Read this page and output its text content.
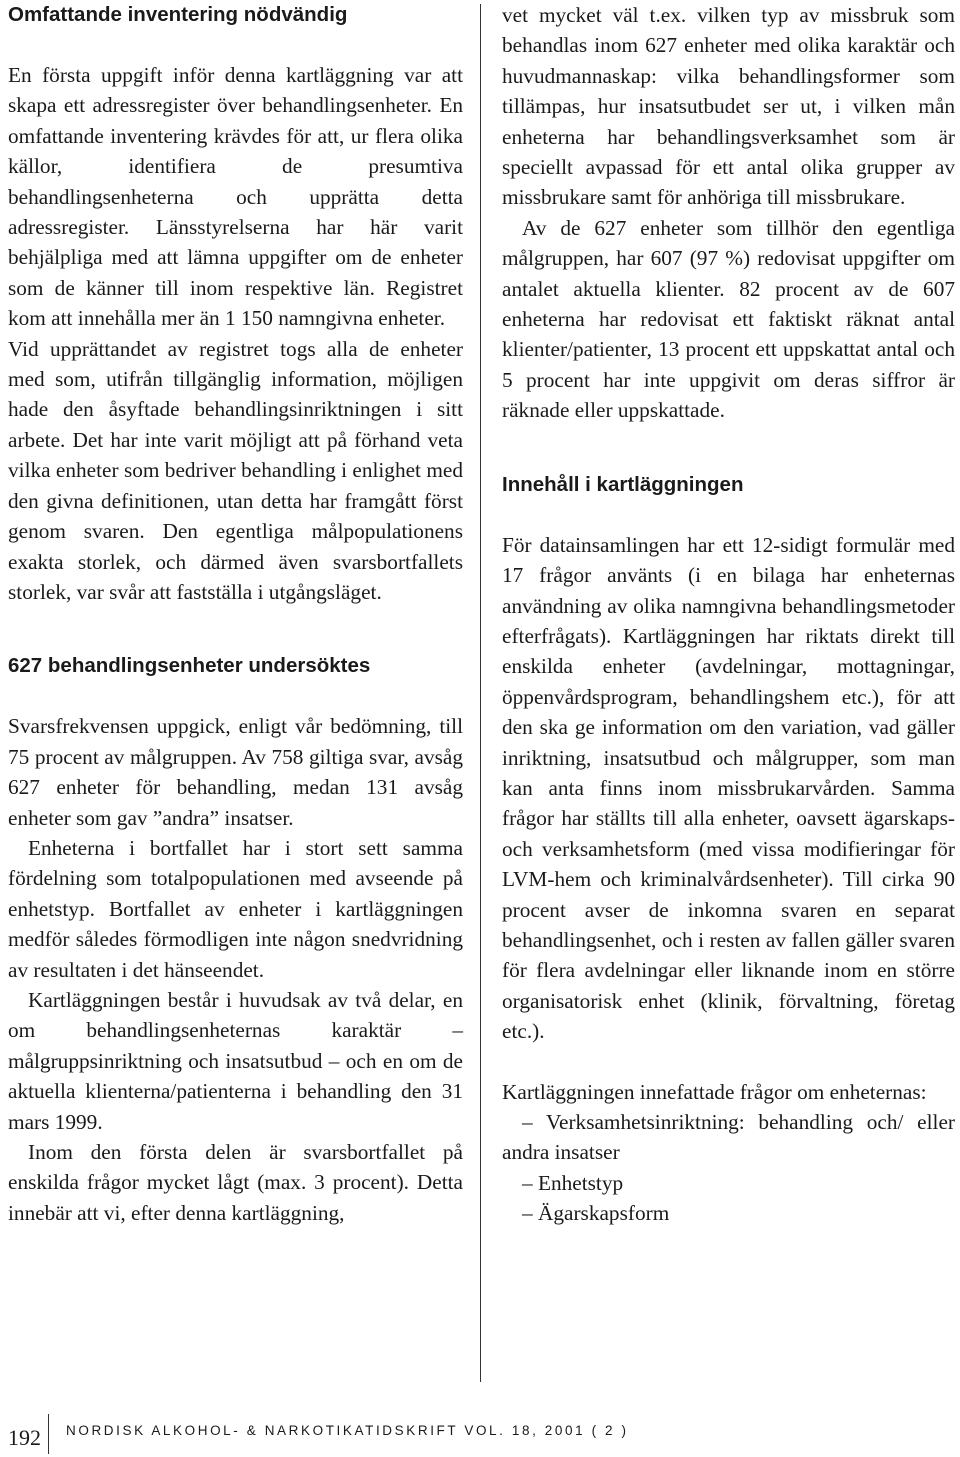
Omfattande inventering nödvändig

En första uppgift inför denna kartläggning var att skapa ett adressregister över behandlingsenheter. En omfattande inventering krävdes för att, ur flera olika källor, identifiera de presumtiva behandlingsenheterna och upprätta detta adressregister. Länsstyrelserna har här varit behjälpliga med att lämna uppgifter om de enheter som de känner till inom respektive län. Registret kom att innehålla mer än 1 150 namngivna enheter.

Vid upprättandet av registret togs alla de enheter med som, utifrån tillgänglig information, möjligen hade den åsyftade behandlingsinriktningen i sitt arbete. Det har inte varit möjligt att på förhand veta vilka enheter som bedriver behandling i enlighet med den givna definitionen, utan detta har framgått först genom svaren. Den egentliga målpopulationens exakta storlek, och därmed även svarsbortfallets storlek, var svår att fastställa i utgångsläget.

627 behandlingsenheter undersöktes

Svarsfrekvensen uppgick, enligt vår bedömning, till 75 procent av målgruppen. Av 758 giltiga svar, avsåg 627 enheter för behandling, medan 131 avsåg enheter som gav ”andra” insatser.

Enheterna i bortfallet har i stort sett samma fördelning som totalpopulationen med avseende på enhetstyp. Bortfallet av enheter i kartläggningen medför således förmodligen inte någon snedvridning av resultaten i det hänseendet.

Kartläggningen består i huvudsak av två delar, en om behandlingsenheternas karaktär – målgruppsinriktning och insatsutbud – och en om de aktuella klienterna/patienterna i behandling den 31 mars 1999.

Inom den första delen är svarsbortfallet på enskilda frågor mycket lågt (max. 3 procent). Detta innebär att vi, efter denna kartläggning,

vet mycket väl t.ex. vilken typ av missbruk som behandlas inom 627 enheter med olika karaktär och huvudmannaskap: vilka behandlingsformer som tillämpas, hur insatsutbudet ser ut, i vilken mån enheterna har behandlingsverksamhet som är speciellt avpassad för ett antal olika grupper av missbrukare samt för anhöriga till missbrukare.

Av de 627 enheter som tillhör den egentliga målgruppen, har 607 (97 %) redovisat uppgifter om antalet aktuella klienter. 82 procent av de 607 enheterna har redovisat ett faktiskt räknat antal klienter/patienter, 13 procent ett uppskattat antal och 5 procent har inte uppgivit om deras siffror är räknade eller uppskattade.

Innehåll i kartläggningen

För datainsamlingen har ett 12-sidigt formulär med 17 frågor använts (i en bilaga har enheternas användning av olika namngivna behandlingsmetoder efterfrågats). Kartläggningen har riktats direkt till enskilda enheter (avdelningar, mottagningar, öppenvårdsprogram, behandlingshem etc.), för att den ska ge information om den variation, vad gäller inriktning, insatsutbud och målgrupper, som man kan anta finns inom missbrukarvården. Samma frågor har ställts till alla enheter, oavsett ägarskaps- och verksamhetsform (med vissa modifieringar för LVM-hem och kriminalvårdsenheter). Till cirka 90 procent avser de inkomna svaren en separat behandlingsenhet, och i resten av fallen gäller svaren för flera avdelningar eller liknande inom en större organisatorisk enhet (klinik, förvaltning, företag etc.).

Kartläggningen innefattade frågor om enheternas:

– Verksamhetsinriktning: behandling och/ eller andra insatser

– Enhetstyp

– Ägarskapsform

192 NORDISK ALKOHOL- & NARKOTIKATIDSKRIFT VOL. 18, 2001 ( 2 )
